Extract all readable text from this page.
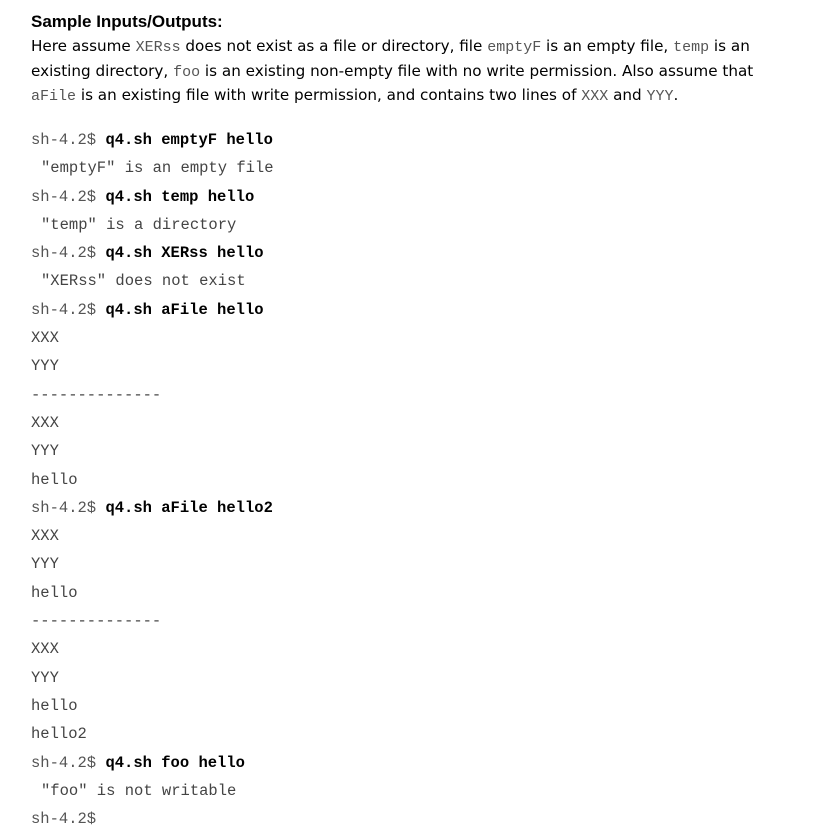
Sample Inputs/Outputs:
Here assume XERss does not exist as a file or directory, file emptyF is an empty file, temp is an existing directory, foo is an existing non-empty file with no write permission. Also assume that aFile is an existing file with write permission, and contains two lines of XXX and YYY.
sh-4.2$ q4.sh emptyF hello
"emptyF" is an empty file
sh-4.2$ q4.sh temp hello
"temp" is a directory
sh-4.2$ q4.sh XERss hello
"XERss" does not exist
sh-4.2$ q4.sh aFile hello
XXX
YYY
--------------
XXX
YYY
hello
sh-4.2$ q4.sh aFile hello2
XXX
YYY
hello
--------------
XXX
YYY
hello
hello2
sh-4.2$ q4.sh foo hello
"foo" is not writable
sh-4.2$
